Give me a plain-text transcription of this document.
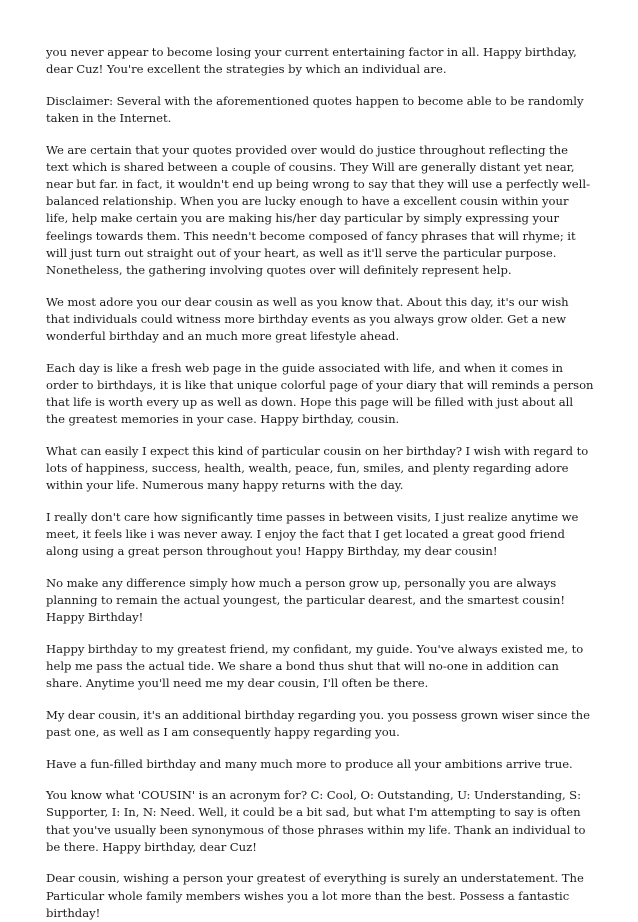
you never appear to become losing your current entertaining factor in all. Happy birthday, dear Cuz! You're excellent the strategies by which an individual are.

Disclaimer: Several with the aforementioned quotes happen to become able to be randomly taken in the Internet.

We are certain that your quotes provided over would do justice throughout reflecting the text which is shared between a couple of cousins. They Will are generally distant yet near, near but far. in fact, it wouldn't end up being wrong to say that they will use a perfectly well-balanced relationship. When you are lucky enough to have a excellent cousin within your life, help make certain you are making his/her day particular by simply expressing your feelings towards them. This needn't become composed of fancy phrases that will rhyme; it will just turn out straight out of your heart, as well as it'll serve the particular purpose. Nonetheless, the gathering involving quotes over will definitely represent help.

We most adore you our dear cousin as well as you know that. About this day, it's our wish that individuals could witness more birthday events as you always grow older. Get a new wonderful birthday and an much more great lifestyle ahead.

Each day is like a fresh web page in the guide associated with life, and when it comes in order to birthdays, it is like that unique colorful page of your diary that will reminds a person that life is worth every up as well as down. Hope this page will be filled with just about all the greatest memories in your case. Happy birthday, cousin.

What can easily I expect this kind of particular cousin on her birthday? I wish with regard to lots of happiness, success, health, wealth, peace, fun, smiles, and plenty regarding adore within your life. Numerous many happy returns with the day.

I really don't care how significantly time passes in between visits, I just realize anytime we meet, it feels like i was never away. I enjoy the fact that I get located a great good friend along using a great person throughout you! Happy Birthday, my dear cousin!

No make any difference simply how much a person grow up, personally you are always planning to remain the actual youngest, the particular dearest, and the smartest cousin! Happy Birthday!

Happy birthday to my greatest friend, my confidant, my guide. You've always existed me, to help me pass the actual tide. We share a bond thus shut that will no-one in addition can share. Anytime you'll need me my dear cousin, I'll often be there.

My dear cousin, it's an additional birthday regarding you. you possess grown wiser since the past one, as well as I am consequently happy regarding you.

Have a fun-filled birthday and many much more to produce all your ambitions arrive true.

You know what 'COUSIN' is an acronym for? C: Cool, O: Outstanding, U: Understanding, S: Supporter, I: In, N: Need. Well, it could be a bit sad, but what I'm attempting to say is often that you've usually been synonymous of those phrases within my life. Thank an individual to be there. Happy birthday, dear Cuz!

Dear cousin, wishing a person your greatest of everything is surely an understatement. The Particular whole family members wishes you a lot more than the best. Possess a fantastic birthday!
